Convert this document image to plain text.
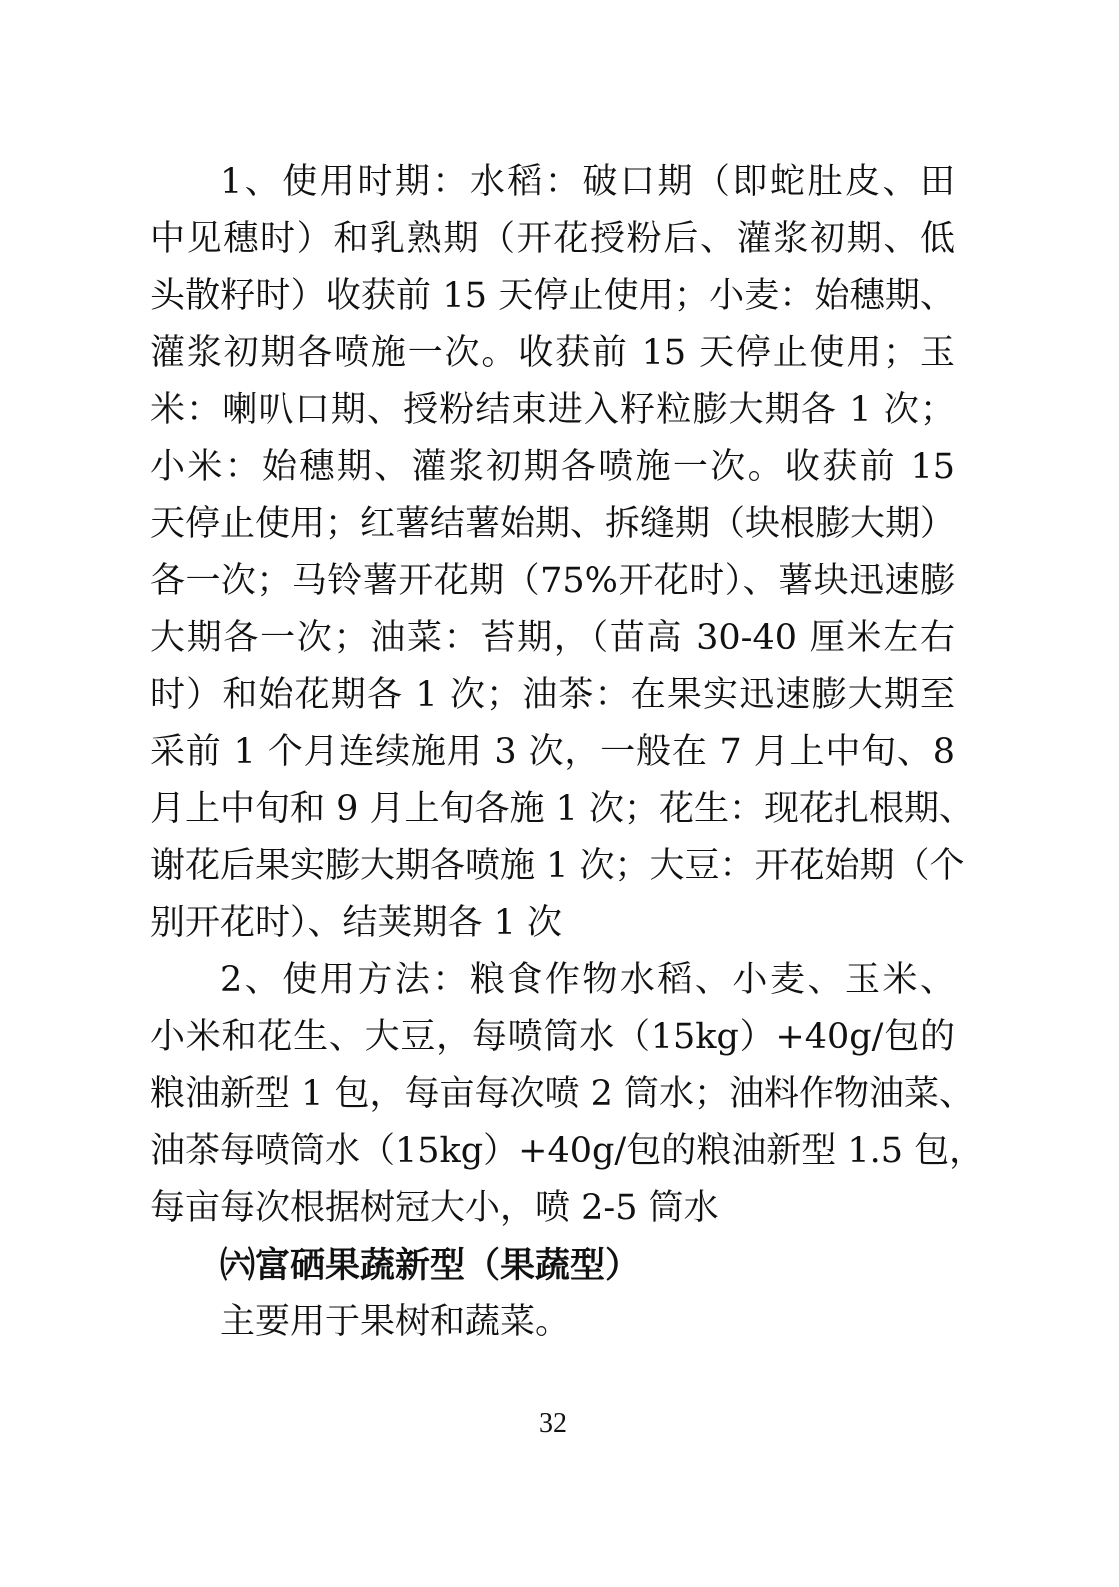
1、使用时期：水稻：破口期（即蛇肚皮、田
中见穗时）和乳熟期（开花授粉后、灌浆初期、低
头散籽时）收获前 15 天停止使用；小麦：始穗期、
灌浆初期各喷施一次。收获前 15 天停止使用；玉
米：喇叭口期、授粉结束进入籽粒膨大期各 1 次；
小米：始穗期、灌浆初期各喷施一次。收获前 15
天停止使用；红薯结薯始期、拆缝期（块根膨大期）
各一次；马铃薯开花期（75%开花时）、薯块迅速膨
大期各一次；油菜：苔期，（苗高 30-40 厘米左右
时）和始花期各 1 次；油茶：在果实迅速膨大期至
采前 1 个月连续施用 3 次，一般在 7 月上中旬、8
月上中旬和 9 月上旬各施 1 次；花生：现花扎根期、
谢花后果实膨大期各喷施 1 次；大豆：开花始期（个
别开花时）、结荚期各 1 次
2、使用方法：粮食作物水稻、小麦、玉米、
小米和花生、大豆，每喷筒水（15kg）+40g/包的
粮油新型 1 包，每亩每次喷 2 筒水；油料作物油菜、
油茶每喷筒水（15kg）+40g/包的粮油新型 1.5 包，
每亩每次根据树冠大小，喷 2-5 筒水
㈥富硒果蔬新型（果蔬型）
主要用于果树和蔬菜。
32
